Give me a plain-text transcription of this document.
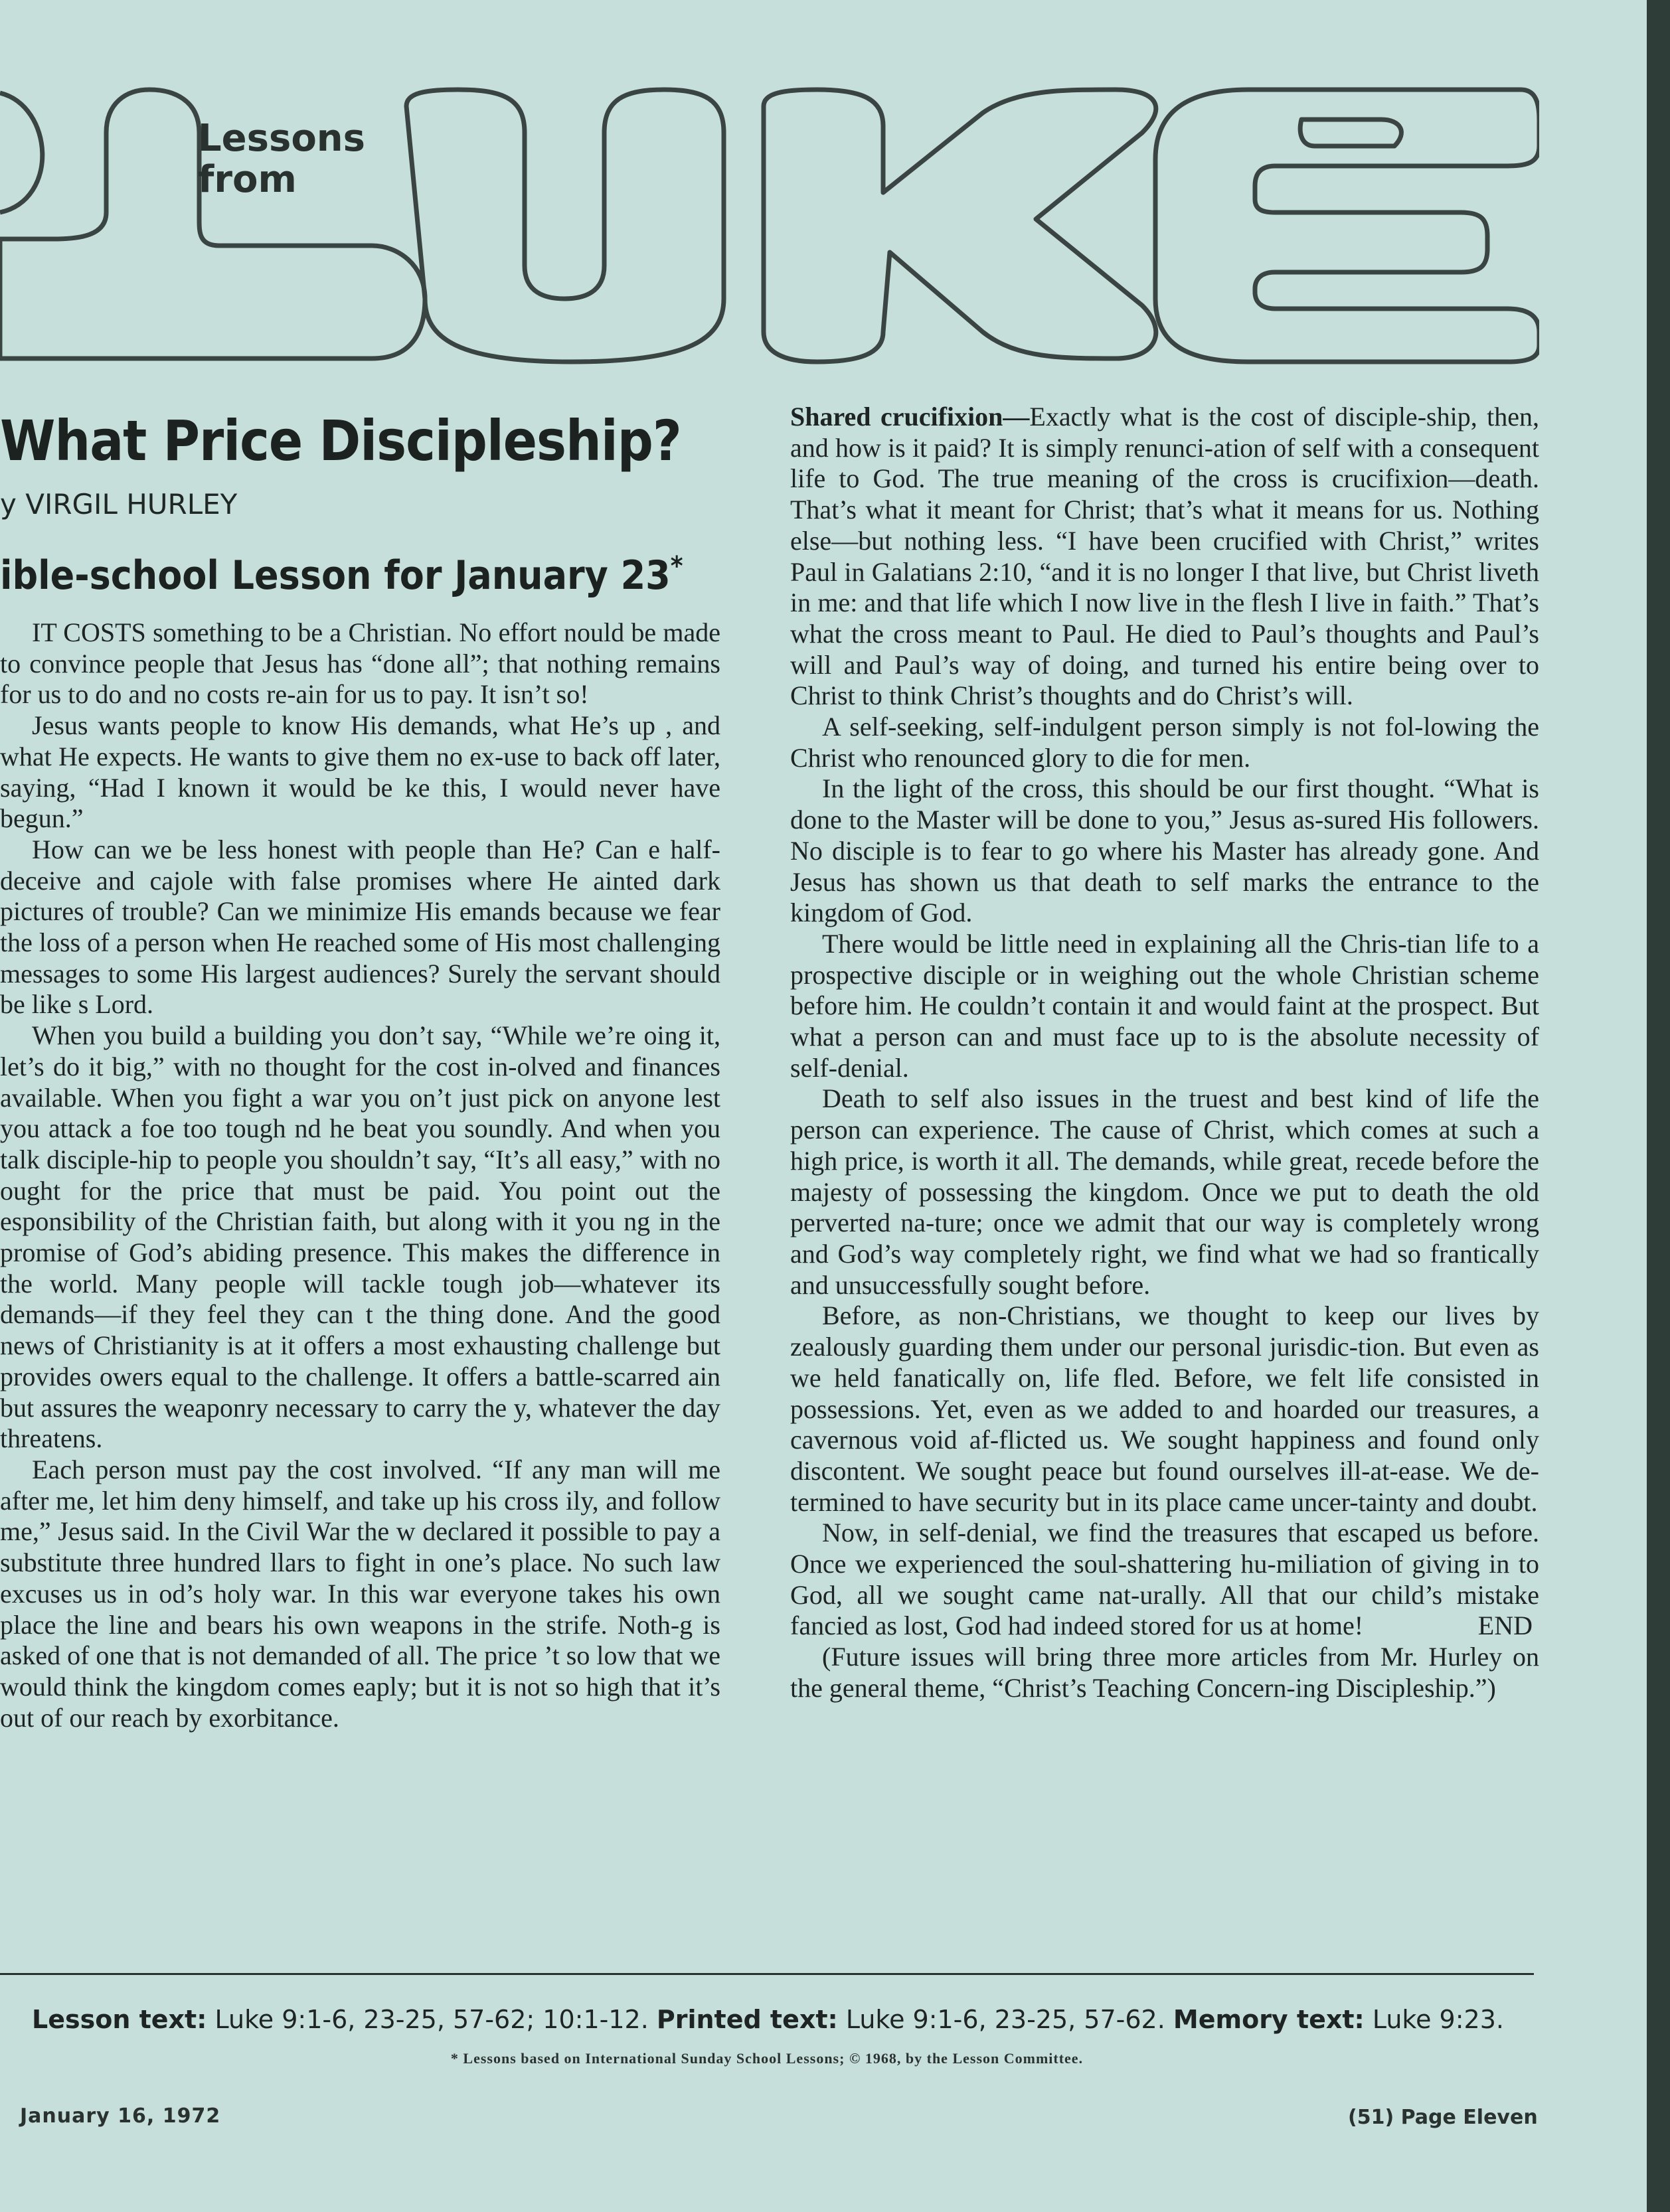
Lessons
from
What Price Discipleship?
y VIRGIL HURLEY
ible-school Lesson for January 23*

IT COSTS something to be a Christian. No effort nould be made to convince people that Jesus has “done all”; that nothing remains for us to do and no costs re-ain for us to pay. It isn’t so!

Jesus wants people to know His demands, what He’s up , and what He expects. He wants to give them no ex-use to back off later, saying, “Had I known it would be ke this, I would never have begun.”

How can we be less honest with people than He? Can e half-deceive and cajole with false promises where He ainted dark pictures of trouble? Can we minimize His emands because we fear the loss of a person when He reached some of His most challenging messages to some His largest audiences? Surely the servant should be like s Lord.

When you build a building you don’t say, “While we’re oing it, let’s do it big,” with no thought for the cost in-olved and finances available. When you fight a war you on’t just pick on anyone lest you attack a foe too tough nd he beat you soundly. And when you talk disciple-hip to people you shouldn’t say, “It’s all easy,” with no ought for the price that must be paid. You point out the esponsibility of the Christian faith, but along with it you ng in the promise of God’s abiding presence. This makes the difference in the world. Many people will tackle tough job—whatever its demands—if they feel they can t the thing done. And the good news of Christianity is at it offers a most exhausting challenge but provides owers equal to the challenge. It offers a battle-scarred ain but assures the weaponry necessary to carry the y, whatever the day threatens.

Each person must pay the cost involved. “If any man will me after me, let him deny himself, and take up his cross ily, and follow me,” Jesus said. In the Civil War the w declared it possible to pay a substitute three hundred llars to fight in one’s place. No such law excuses us in od’s holy war. In this war everyone takes his own place the line and bears his own weapons in the strife. Noth-g is asked of one that is not demanded of all. The price ’t so low that we would think the kingdom comes eaply; but it is not so high that it’s out of our reach by exorbitance.

Shared crucifixion—Exactly what is the cost of disciple-ship, then, and how is it paid? It is simply renunci-ation of self with a consequent life to God. The true meaning of the cross is crucifixion—death. That’s what it meant for Christ; that’s what it means for us. Nothing else—but nothing less. “I have been crucified with Christ,” writes Paul in Galatians 2:10, “and it is no longer I that live, but Christ liveth in me: and that life which I now live in the flesh I live in faith.” That’s what the cross meant to Paul. He died to Paul’s thoughts and Paul’s will and Paul’s way of doing, and turned his entire being over to Christ to think Christ’s thoughts and do Christ’s will.

A self-seeking, self-indulgent person simply is not fol-lowing the Christ who renounced glory to die for men.

In the light of the cross, this should be our first thought. “What is done to the Master will be done to you,” Jesus as-sured His followers. No disciple is to fear to go where his Master has already gone. And Jesus has shown us that death to self marks the entrance to the kingdom of God.

There would be little need in explaining all the Chris-tian life to a prospective disciple or in weighing out the whole Christian scheme before him. He couldn’t contain it and would faint at the prospect. But what a person can and must face up to is the absolute necessity of self-denial.

Death to self also issues in the truest and best kind of life the person can experience. The cause of Christ, which comes at such a high price, is worth it all. The demands, while great, recede before the majesty of possessing the kingdom. Once we put to death the old perverted na-ture; once we admit that our way is completely wrong and God’s way completely right, we find what we had so frantically and unsuccessfully sought before.

Before, as non-Christians, we thought to keep our lives by zealously guarding them under our personal jurisdic-tion. But even as we held fanatically on, life fled. Before, we felt life consisted in possessions. Yet, even as we added to and hoarded our treasures, a cavernous void af-flicted us. We sought happiness and found only discontent. We sought peace but found ourselves ill-at-ease. We de-termined to have security but in its place came uncer-tainty and doubt.

Now, in self-denial, we find the treasures that escaped us before. Once we experienced the soul-shattering hu-miliation of giving in to God, all we sought came nat-urally. All that our child’s mistake fancied as lost, God had indeed stored for us at home!	END

(Future issues will bring three more articles from Mr. Hurley on the general theme, “Christ’s Teaching Concern-ing Discipleship.”)

Lesson text: Luke 9:1-6, 23-25, 57-62; 10:1-12. Printed text: Luke 9:1-6, 23-25, 57-62. Memory text: Luke 9:23.
* Lessons based on International Sunday School Lessons; © 1968, by the Lesson Committee.
January 16, 1972	(51) Page Eleven
